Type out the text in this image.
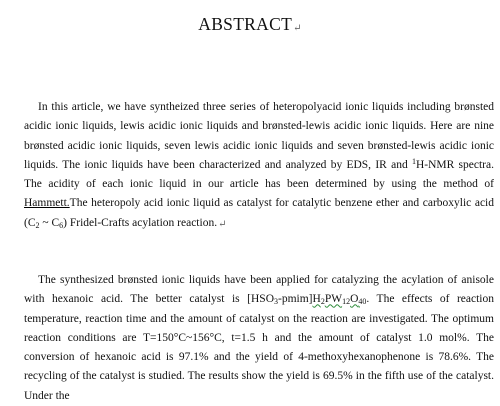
ABSTRACT↵

In this article, we have syntheized three series of heteropolyacid ionic liquids including brønsted acidic ionic liquids, lewis acidic ionic liquids and brønsted-lewis acidic ionic liquids. Here are nine brønsted acidic ionic liquids, seven lewis acidic ionic liquids and seven brønsted-lewis acidic ionic liquids. The ionic liquids have been characterized and analyzed by EDS, IR and $^1$H-NMR spectra. The acidity of each ionic liquid in our article has been determined by using the method of Hammett.The heteropoly acid ionic liquid as catalyst for catalytic benzene ether and carboxylic acid ($C_2$ ~ $C_6$) Fridel-Crafts acylation reaction.↵

The synthesized brønsted ionic liquids have been applied for catalyzing the acylation of anisole with hexanoic acid. The better catalyst is $[HSO_3-pmim]H_2PW_{12}O_{40}$. The effects of reaction temperature, reaction time and the amount of catalyst on the reaction are investigated. The optimum reaction conditions are T=150°C~156°C, t=1.5 h and the amount of catalyst 1.0 mol%. The conversion of hexanoic acid is 97.1% and the yield of 4-methoxyhexanophenone is 78.6%. The recycling of the catalyst is studied. The results show the yield is 69.5% in the fifth use of the catalyst. Under the
